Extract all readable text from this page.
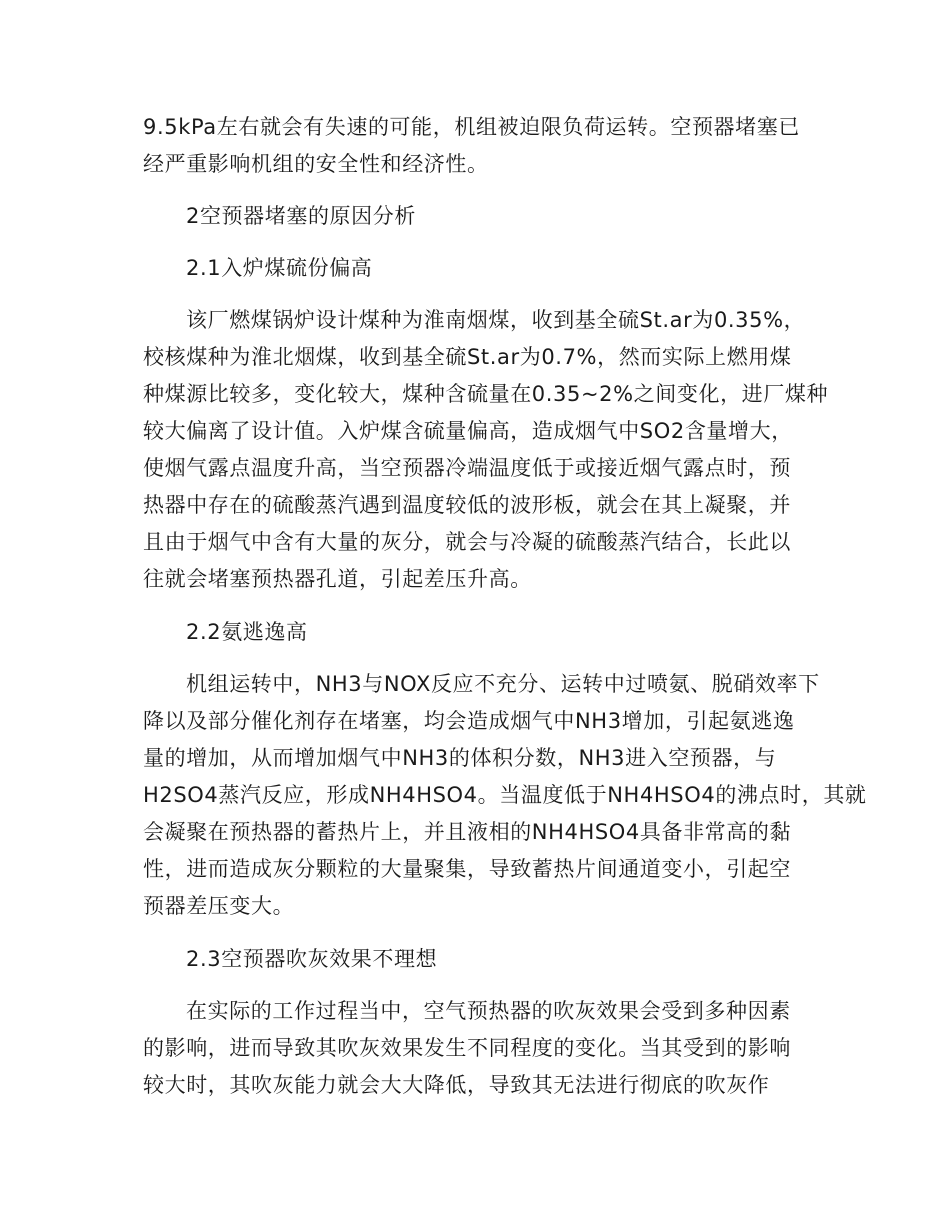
9.5kPa左右就会有失速的可能，机组被迫限负荷运转。空预器堵塞已
经严重影响机组的安全性和经济性。
2空预器堵塞的原因分析
2.1入炉煤硫份偏高
该厂燃煤锅炉设计煤种为淮南烟煤，收到基全硫St.ar为0.35%，
校核煤种为淮北烟煤，收到基全硫St.ar为0.7%，然而实际上燃用煤
种煤源比较多，变化较大，煤种含硫量在0.35~2%之间变化，进厂煤种
较大偏离了设计值。入炉煤含硫量偏高，造成烟气中SO2含量增大，
使烟气露点温度升高，当空预器冷端温度低于或接近烟气露点时，预
热器中存在的硫酸蒸汽遇到温度较低的波形板，就会在其上凝聚，并
且由于烟气中含有大量的灰分，就会与冷凝的硫酸蒸汽结合，长此以
往就会堵塞预热器孔道，引起差压升高。
2.2氨逃逸高
机组运转中，NH3与NOX反应不充分、运转中过喷氨、脱硝效率下
降以及部分催化剂存在堵塞，均会造成烟气中NH3增加，引起氨逃逸
量的增加，从而增加烟气中NH3的体积分数，NH3进入空预器，与
H2SO4蒸汽反应，形成NH4HSO4。当温度低于NH4HSO4的沸点时，其就
会凝聚在预热器的蓄热片上，并且液相的NH4HSO4具备非常高的黏
性，进而造成灰分颗粒的大量聚集，导致蓄热片间通道变小，引起空
预器差压变大。
2.3空预器吹灰效果不理想
在实际的工作过程当中，空气预热器的吹灰效果会受到多种因素
的影响，进而导致其吹灰效果发生不同程度的变化。当其受到的影响
较大时，其吹灰能力就会大大降低，导致其无法进行彻底的吹灰作
